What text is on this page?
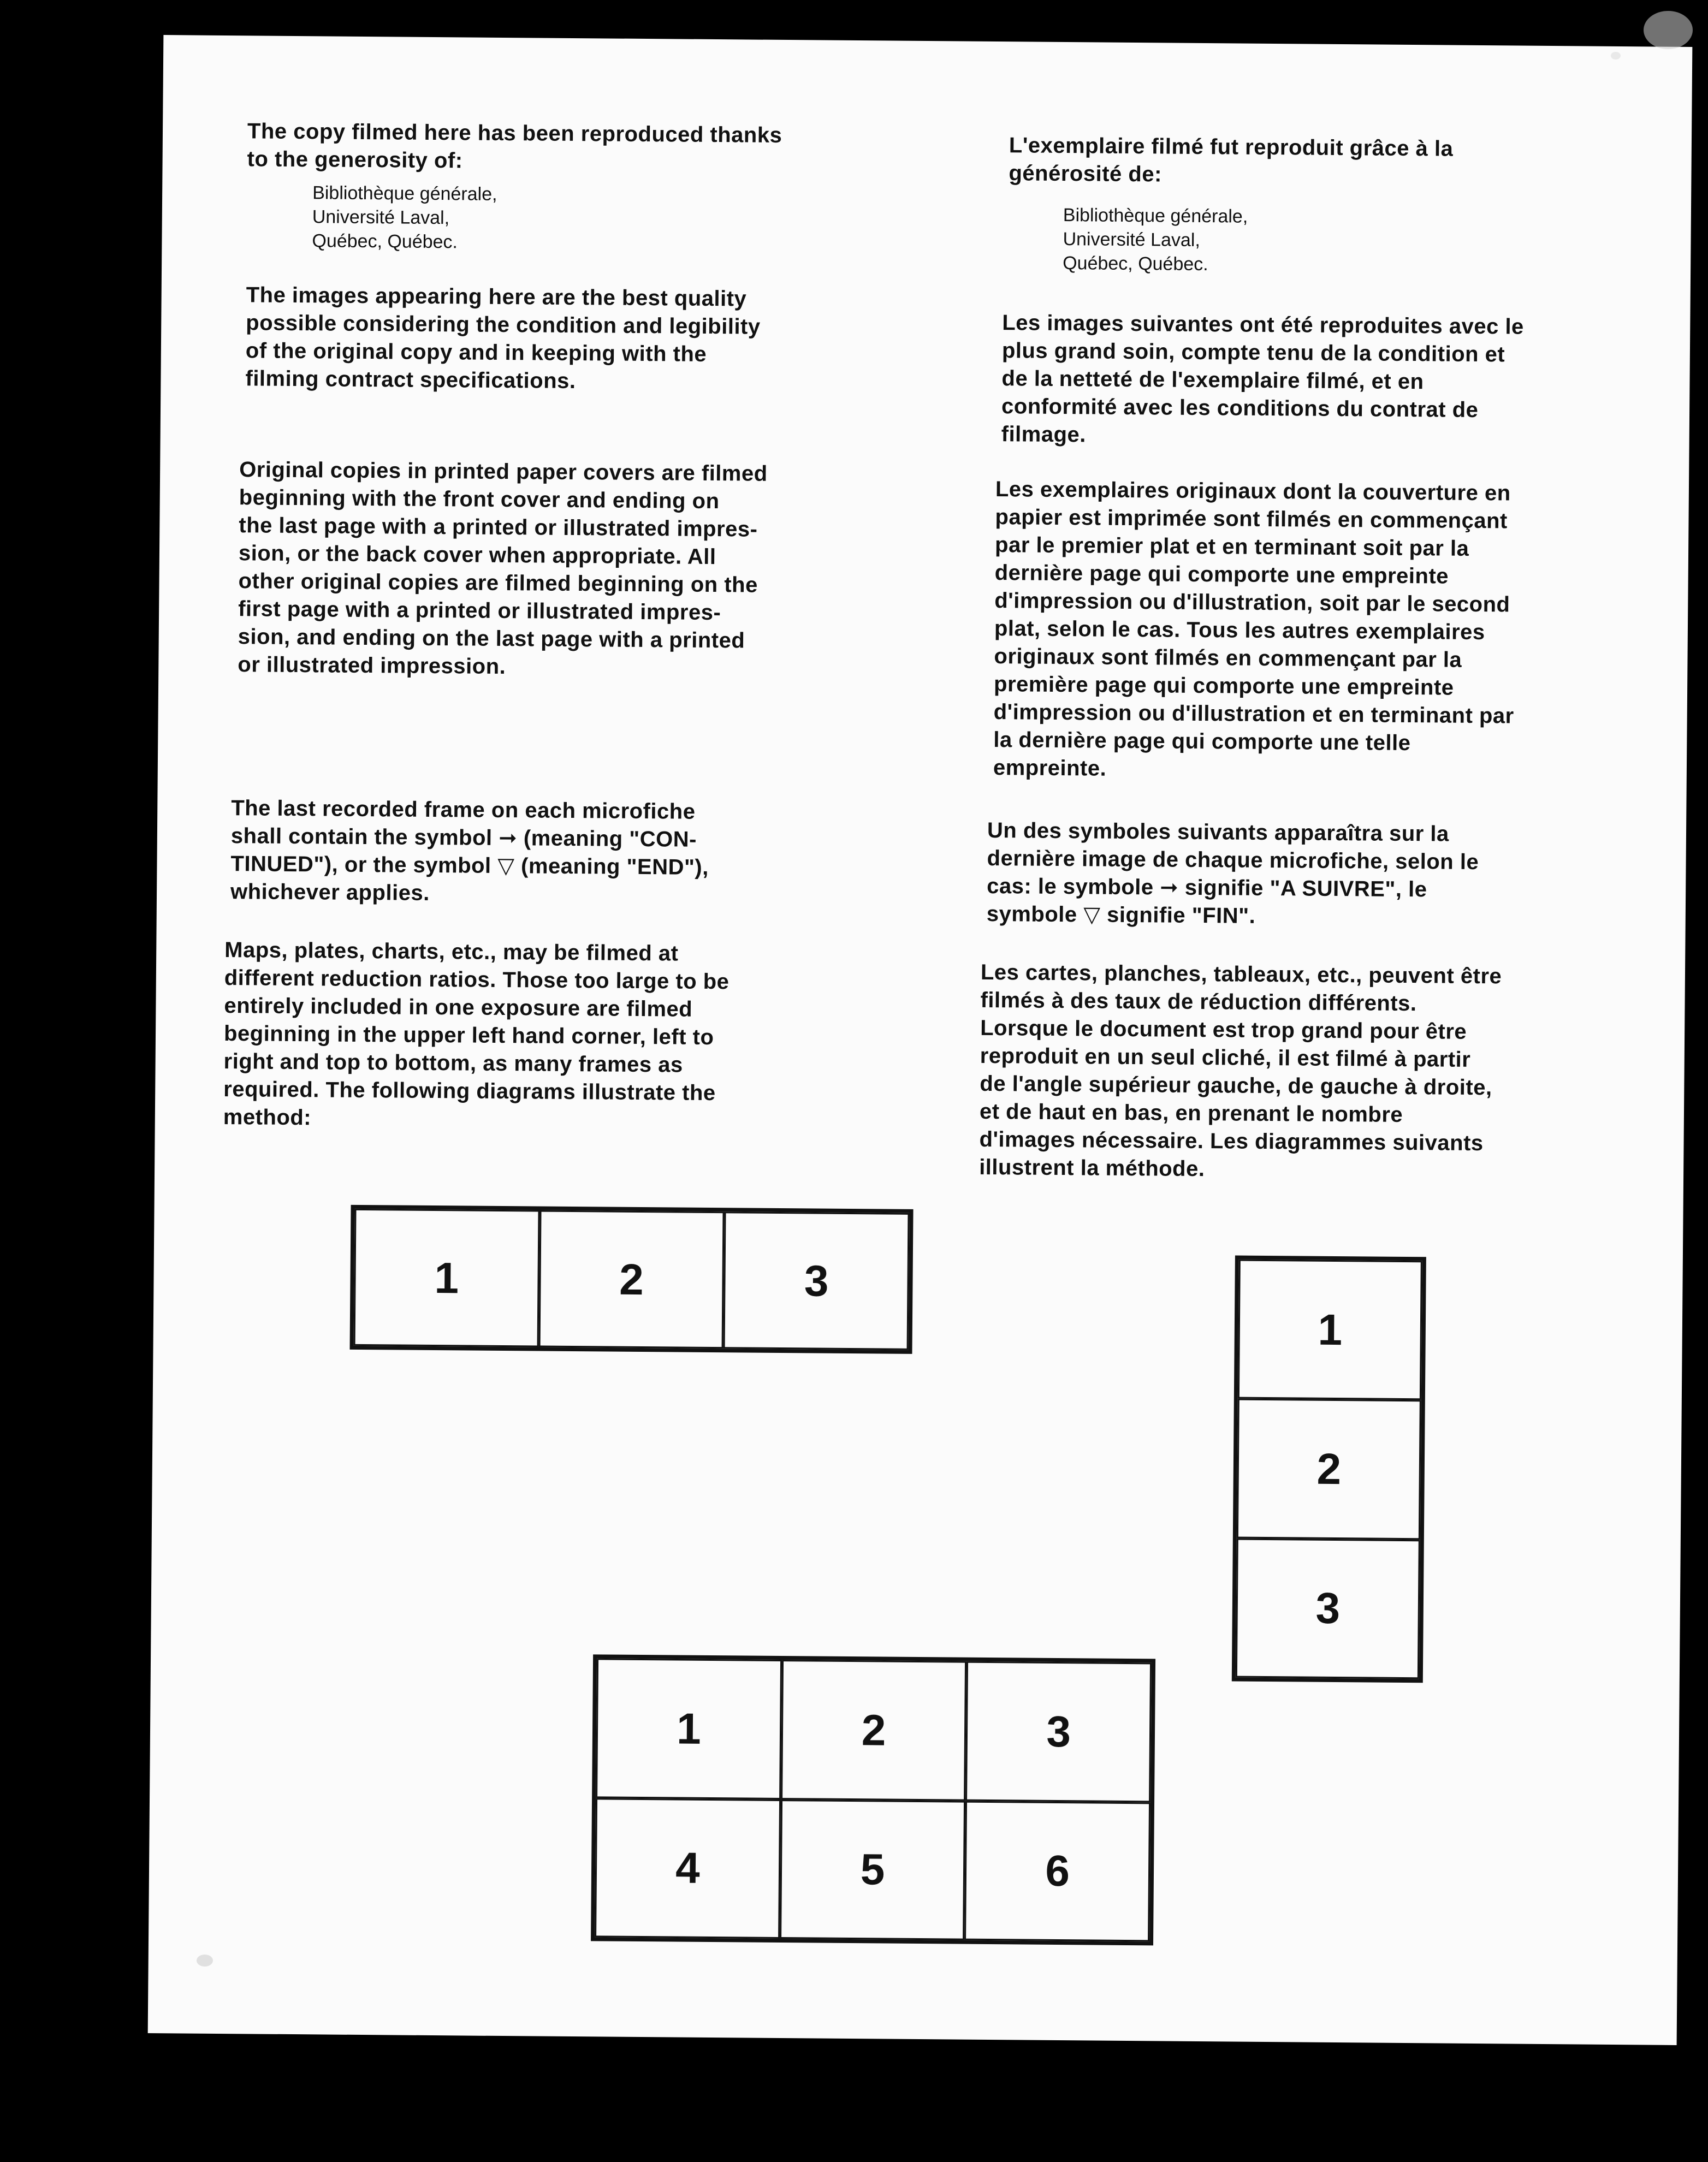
The copy filmed here has been reproduced thanks
to the generosity of:
Bibliothèque générale,
Université Laval,
Québec, Québec.
The images appearing here are the best quality
possible considering the condition and legibility
of the original copy and in keeping with the
filming contract specifications.
Original copies in printed paper covers are filmed
beginning with the front cover and ending on
the last page with a printed or illustrated impres-
sion, or the back cover when appropriate. All
other original copies are filmed beginning on the
first page with a printed or illustrated impres-
sion, and ending on the last page with a printed
or illustrated impression.
The last recorded frame on each microfiche
shall contain the symbol ➞ (meaning "CON-
TINUED"), or the symbol ▽ (meaning "END"),
whichever applies.
Maps, plates, charts, etc., may be filmed at
different reduction ratios. Those too large to be
entirely included in one exposure are filmed
beginning in the upper left hand corner, left to
right and top to bottom, as many frames as
required. The following diagrams illustrate the
method:
L'exemplaire filmé fut reproduit grâce à la
générosité de:
Bibliothèque générale,
Université Laval,
Québec, Québec.
Les images suivantes ont été reproduites avec le
plus grand soin, compte tenu de la condition et
de la netteté de l'exemplaire filmé, et en
conformité avec les conditions du contrat de
filmage.
Les exemplaires originaux dont la couverture en
papier est imprimée sont filmés en commençant
par le premier plat et en terminant soit par la
dernière page qui comporte une empreinte
d'impression ou d'illustration, soit par le second
plat, selon le cas. Tous les autres exemplaires
originaux sont filmés en commençant par la
première page qui comporte une empreinte
d'impression ou d'illustration et en terminant par
la dernière page qui comporte une telle
empreinte.
Un des symboles suivants apparaîtra sur la
dernière image de chaque microfiche, selon le
cas: le symbole ➞ signifie "A SUIVRE", le
symbole ▽ signifie "FIN".
Les cartes, planches, tableaux, etc., peuvent être
filmés à des taux de réduction différents.
Lorsque le document est trop grand pour être
reproduit en un seul cliché, il est filmé à partir
de l'angle supérieur gauche, de gauche à droite,
et de haut en bas, en prenant le nombre
d'images nécessaire. Les diagrammes suivants
illustrent la méthode.
1	2	3
1
2
3
1	2	3
4	5	6
